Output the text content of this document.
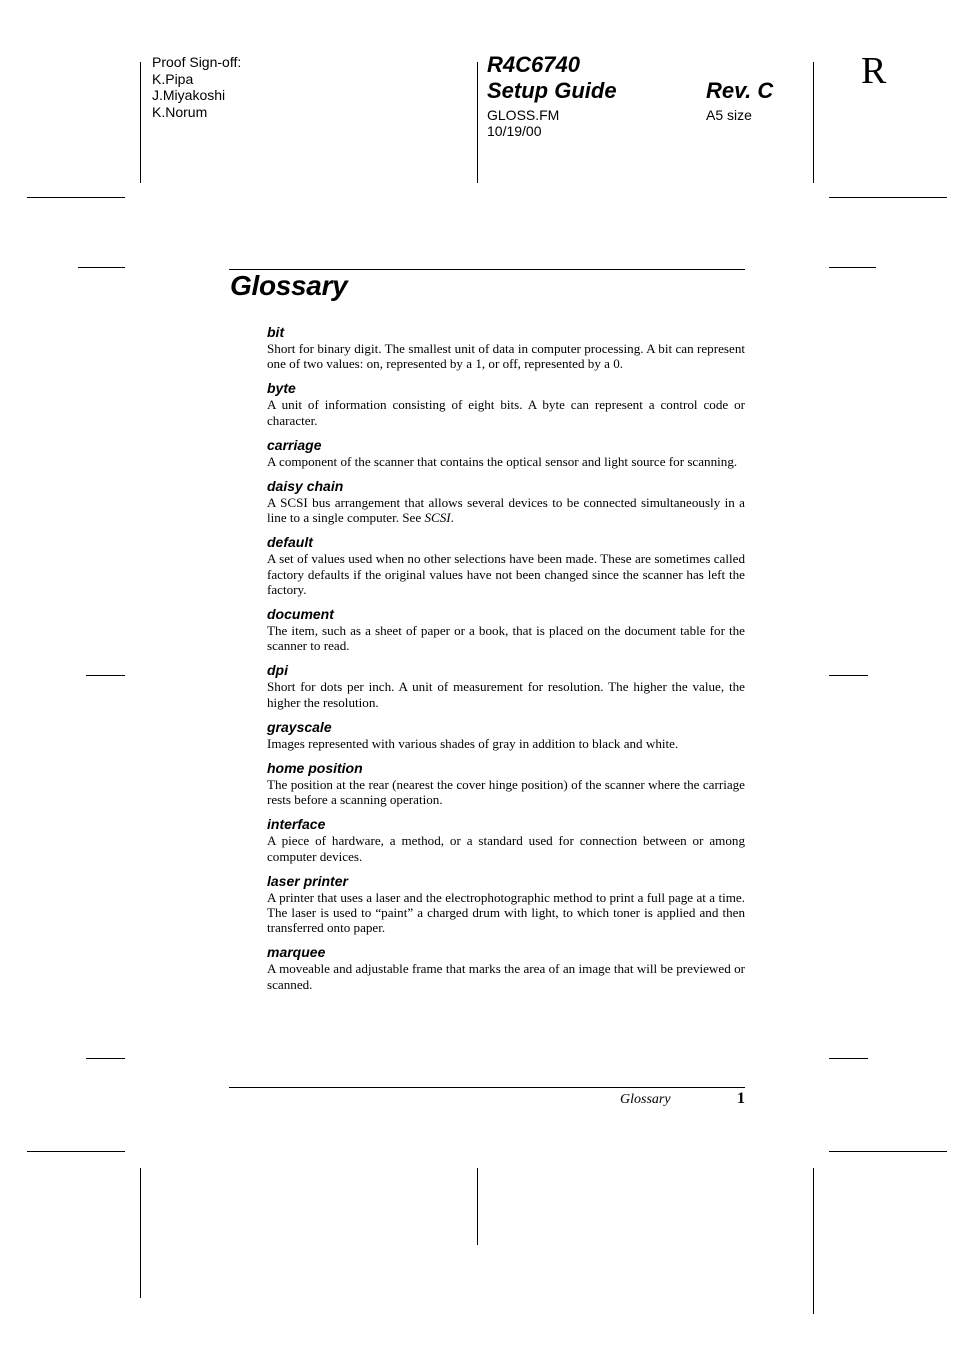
Proof Sign-off:
K.Pipa
J.Miyakoshi
K.Norum
R4C6740
Setup Guide	Rev. C
GLOSS.FM
10/19/00
A5 size
R
Glossary
bit
Short for binary digit. The smallest unit of data in computer processing. A bit can represent one of two values: on, represented by a 1, or off, represented by a 0.
byte
A unit of information consisting of eight bits. A byte can represent a control code or character.
carriage
A component of the scanner that contains the optical sensor and light source for scanning.
daisy chain
A SCSI bus arrangement that allows several devices to be connected simultaneously in a line to a single computer. See SCSI.
default
A set of values used when no other selections have been made. These are sometimes called factory defaults if the original values have not been changed since the scanner has left the factory.
document
The item, such as a sheet of paper or a book, that is placed on the document table for the scanner to read.
dpi
Short for dots per inch. A unit of measurement for resolution. The higher the value, the higher the resolution.
grayscale
Images represented with various shades of gray in addition to black and white.
home position
The position at the rear (nearest the cover hinge position) of the scanner where the carriage rests before a scanning operation.
interface
A piece of hardware, a method, or a standard used for connection between or among computer devices.
laser printer
A printer that uses a laser and the electrophotographic method to print a full page at a time. The laser is used to “paint” a charged drum with light, to which toner is applied and then transferred onto paper.
marquee
A moveable and adjustable frame that marks the area of an image that will be previewed or scanned.
Glossary	1
